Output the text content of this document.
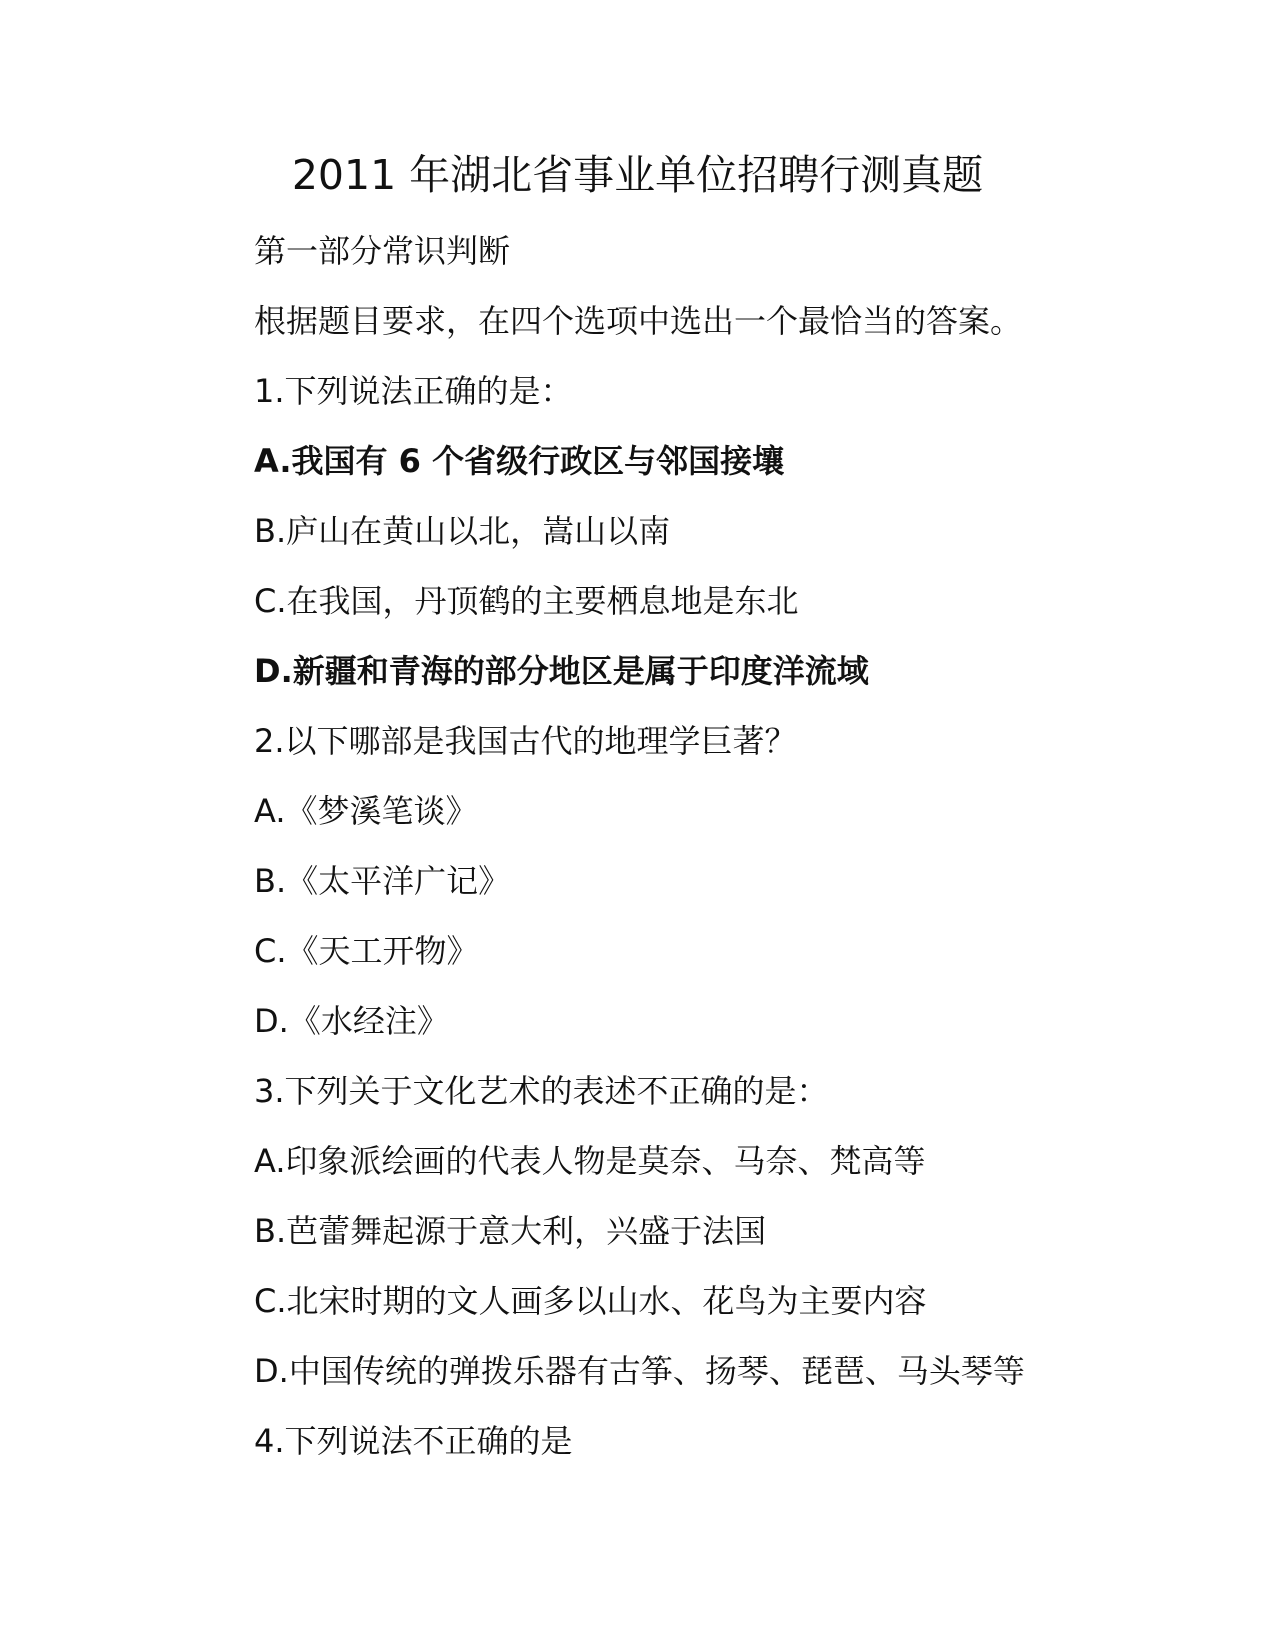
2011 年湖北省事业单位招聘行测真题
第一部分常识判断
根据题目要求，在四个选项中选出一个最恰当的答案。
1.下列说法正确的是：
A.我国有 6 个省级行政区与邻国接壤
B.庐山在黄山以北，嵩山以南
C.在我国，丹顶鹤的主要栖息地是东北
D.新疆和青海的部分地区是属于印度洋流域
2.以下哪部是我国古代的地理学巨著？
A.《梦溪笔谈》
B.《太平洋广记》
C.《天工开物》
D.《水经注》
3.下列关于文化艺术的表述不正确的是：
A.印象派绘画的代表人物是莫奈、马奈、梵高等
B.芭蕾舞起源于意大利，兴盛于法国
C.北宋时期的文人画多以山水、花鸟为主要内容
D.中国传统的弹拨乐器有古筝、扬琴、琵琶、马头琴等
4.下列说法不正确的是
